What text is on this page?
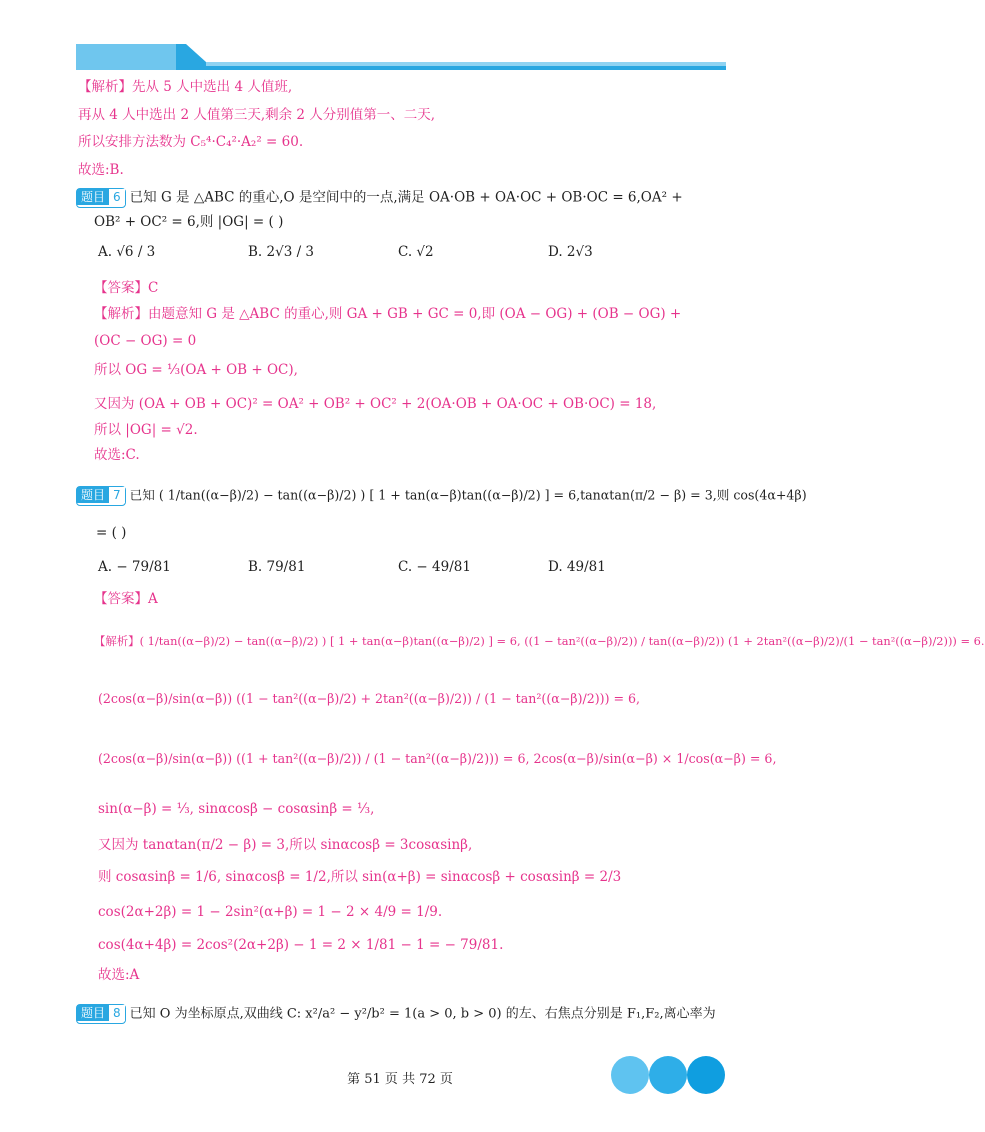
【解析】先从 5 人中选出 4 人值班,
再从 4 人中选出 2 人值第三天,剩余 2 人分别值第一、二天,
所以安排方法数为 C₅⁴·C₄²·A₂² = 60.
故选:B.
题目 6 已知 G 是 △ABC 的重心,O 是空间中的一点,满足 OA·OB + OA·OC + OB·OC = 6,OA² +
OB² + OC² = 6,则 |OG| = ( )
A. √6 / 3	B. 2√3 / 3	C. √2	D. 2√3
【答案】C
【解析】由题意知 G 是 △ABC 的重心,则 GA + GB + GC = 0,即 (OA − OG) + (OB − OG) +
(OC − OG) = 0
所以 OG = ⅓(OA + OB + OC),
又因为 (OA + OB + OC)² = OA² + OB² + OC² + 2(OA·OB + OA·OC + OB·OC) = 18,
所以 |OG| = √2.
故选:C.
题目 7 已知 ( 1/tan((α−β)/2) − tan((α−β)/2) ) [ 1 + tan(α−β)tan((α−β)/2) ] = 6,tanαtan(π/2 − β) = 3,则 cos(4α+4β)
= ( )
A. − 79/81	B. 79/81	C. − 49/81	D. 49/81
【答案】A
【解析】( 1/tan((α−β)/2) − tan((α−β)/2) ) [ 1 + tan(α−β)tan((α−β)/2) ] = 6, ((1 − tan²((α−β)/2)) / tan((α−β)/2)) (1 + 2tan²((α−β)/2)/(1 − tan²((α−β)/2))) = 6.
(2cos(α−β)/sin(α−β)) ((1 − tan²((α−β)/2) + 2tan²((α−β)/2)) / (1 − tan²((α−β)/2))) = 6,
(2cos(α−β)/sin(α−β)) ((1 + tan²((α−β)/2)) / (1 − tan²((α−β)/2))) = 6, 2cos(α−β)/sin(α−β) × 1/cos(α−β) = 6,
sin(α−β) = ⅓, sinαcosβ − cosαsinβ = ⅓,
又因为 tanαtan(π/2 − β) = 3,所以 sinαcosβ = 3cosαsinβ,
则 cosαsinβ = 1/6, sinαcosβ = 1/2,所以 sin(α+β) = sinαcosβ + cosαsinβ = 2/3
cos(2α+2β) = 1 − 2sin²(α+β) = 1 − 2 × 4/9 = 1/9.
cos(4α+4β) = 2cos²(2α+2β) − 1 = 2 × 1/81 − 1 = − 79/81.
故选:A
题目 8 已知 O 为坐标原点,双曲线 C: x²/a² − y²/b² = 1(a > 0, b > 0) 的左、右焦点分别是 F₁,F₂,离心率为
第 51 页 共 72 页
